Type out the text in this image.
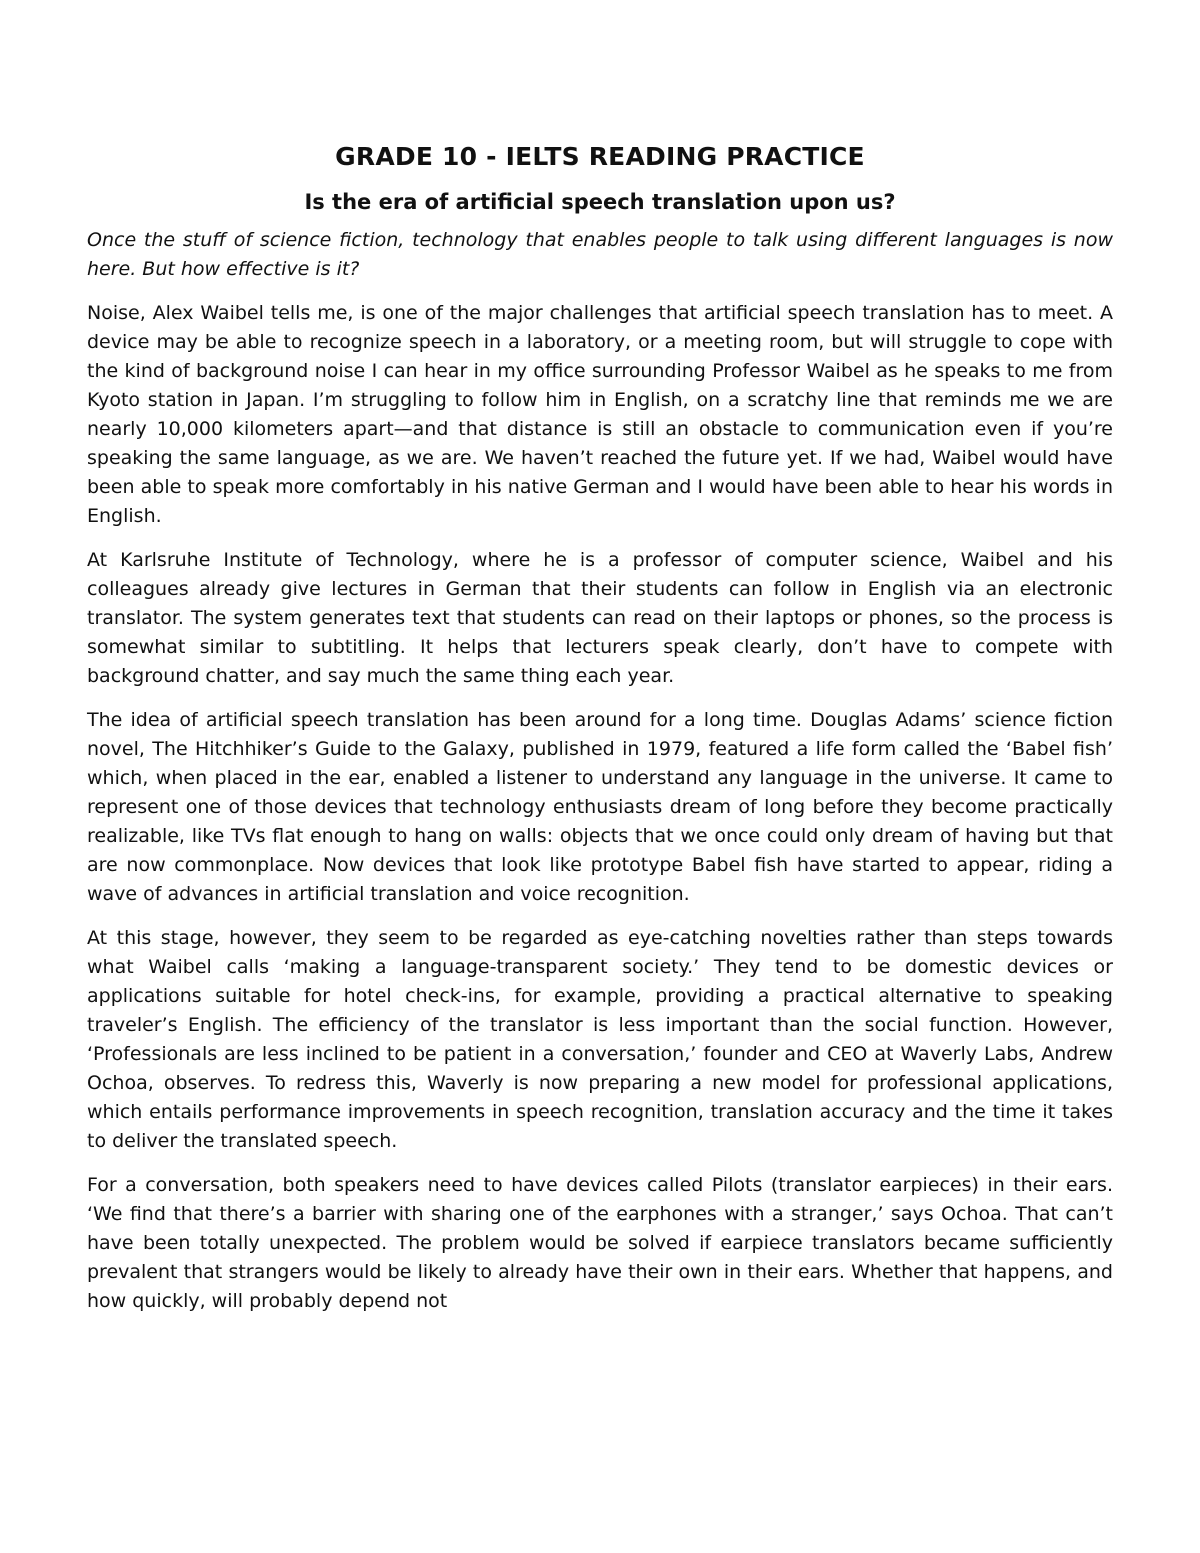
GRADE 10 - IELTS READING PRACTICE
Is the era of artificial speech translation upon us?

Once the stuff of science fiction, technology that enables people to talk using different languages is now here. But how effective is it?

Noise, Alex Waibel tells me, is one of the major challenges that artificial speech translation has to meet. A device may be able to recognize speech in a laboratory, or a meeting room, but will struggle to cope with the kind of background noise I can hear in my office surrounding Professor Waibel as he speaks to me from Kyoto station in Japan. I’m struggling to follow him in English, on a scratchy line that reminds me we are nearly 10,000 kilometers apart—and that distance is still an obstacle to communication even if you’re speaking the same language, as we are. We haven’t reached the future yet. If we had, Waibel would have been able to speak more comfortably in his native German and I would have been able to hear his words in English.

At Karlsruhe Institute of Technology, where he is a professor of computer science, Waibel and his colleagues already give lectures in German that their students can follow in English via an electronic translator. The system generates text that students can read on their laptops or phones, so the process is somewhat similar to subtitling. It helps that lecturers speak clearly, don’t have to compete with background chatter, and say much the same thing each year.

The idea of artificial speech translation has been around for a long time. Douglas Adams’ science fiction novel, The Hitchhiker’s Guide to the Galaxy, published in 1979, featured a life form called the ‘Babel fish’ which, when placed in the ear, enabled a listener to understand any language in the universe. It came to represent one of those devices that technology enthusiasts dream of long before they become practically realizable, like TVs flat enough to hang on walls: objects that we once could only dream of having but that are now commonplace. Now devices that look like prototype Babel fish have started to appear, riding a wave of advances in artificial translation and voice recognition.

At this stage, however, they seem to be regarded as eye-catching novelties rather than steps towards what Waibel calls ‘making a language-transparent society.’ They tend to be domestic devices or applications suitable for hotel check-ins, for example, providing a practical alternative to speaking traveler’s English. The efficiency of the translator is less important than the social function. However, ‘Professionals are less inclined to be patient in a conversation,’ founder and CEO at Waverly Labs, Andrew Ochoa, observes. To redress this, Waverly is now preparing a new model for professional applications, which entails performance improvements in speech recognition, translation accuracy and the time it takes to deliver the translated speech.

For a conversation, both speakers need to have devices called Pilots (translator earpieces) in their ears. ‘We find that there’s a barrier with sharing one of the earphones with a stranger,’ says Ochoa. That can’t have been totally unexpected. The problem would be solved if earpiece translators became sufficiently prevalent that strangers would be likely to already have their own in their ears. Whether that happens, and how quickly, will probably depend not
